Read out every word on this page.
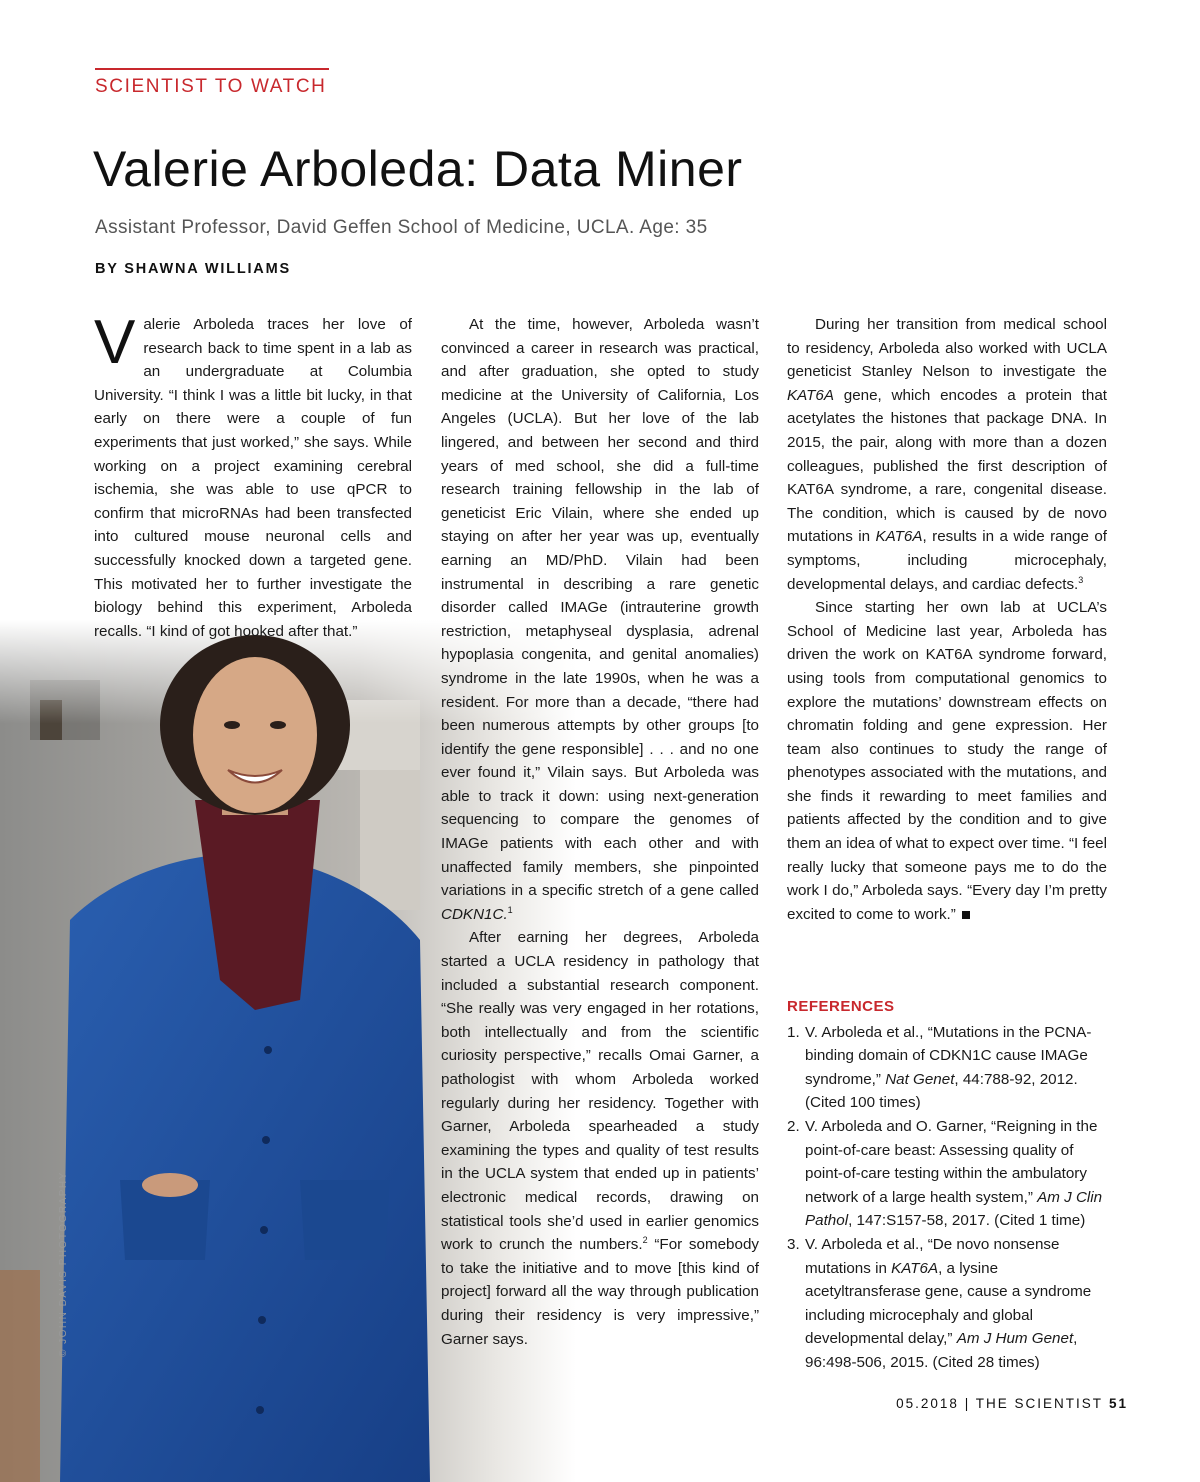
SCIENTIST TO WATCH
Valerie Arboleda: Data Miner
Assistant Professor, David Geffen School of Medicine, UCLA. Age: 35
BY SHAWNA WILLIAMS
© JOHN DAVIS PHOTOGRAPHY

Valerie Arboleda traces her love of research back to time spent in a lab as an undergraduate at Columbia University. “I think I was a little bit lucky, in that early on there were a couple of fun experiments that just worked,” she says. While working on a project examining cerebral ischemia, she was able to use qPCR to confirm that microRNAs had been transfected into cultured mouse neuronal cells and successfully knocked down a targeted gene. This motivated her to further investigate the biology behind this experiment, Arboleda recalls. “I kind of got hooked after that.”

At the time, however, Arboleda wasn’t convinced a career in research was practical, and after graduation, she opted to study medicine at the University of California, Los Angeles (UCLA). But her love of the lab lingered, and between her second and third years of med school, she did a full-time research training fellowship in the lab of geneticist Eric Vilain, where she ended up staying on after her year was up, eventually earning an MD/PhD. Vilain had been instrumental in describing a rare genetic disorder called IMAGe (intrauterine growth restriction, metaphyseal dysplasia, adrenal hypoplasia congenita, and genital anomalies) syndrome in the late 1990s, when he was a resident. For more than a decade, “there had been numerous attempts by other groups [to identify the gene responsible] . . . and no one ever found it,” Vilain says. But Arboleda was able to track it down: using next-generation sequencing to compare the genomes of IMAGe patients with each other and with unaffected family members, she pinpointed variations in a specific stretch of a gene called CDKN1C.$^1$

After earning her degrees, Arboleda started a UCLA residency in pathology that included a substantial research component. “She really was very engaged in her rotations, both intellectually and from the scientific curiosity perspective,” recalls Omai Garner, a pathologist with whom Arboleda worked regularly during her residency. Together with Garner, Arboleda spearheaded a study examining the types and quality of test results in the UCLA system that ended up in patients’ electronic medical records, drawing on statistical tools she’d used in earlier genomics work to crunch the numbers.$^2$ “For somebody to take the initiative and to move [this kind of project] forward all the way through publication during their residency is very impressive,” Garner says.

During her transition from medical school to residency, Arboleda also worked with UCLA geneticist Stanley Nelson to investigate the KAT6A gene, which encodes a protein that acetylates the histones that package DNA. In 2015, the pair, along with more than a dozen colleagues, published the first description of KAT6A syndrome, a rare, congenital disease. The condition, which is caused by de novo mutations in KAT6A, results in a wide range of symptoms, including microcephaly, developmental delays, and cardiac defects.$^3$

Since starting her own lab at UCLA’s School of Medicine last year, Arboleda has driven the work on KAT6A syndrome forward, using tools from computational genomics to explore the mutations’ downstream effects on chromatin folding and gene expression. Her team also continues to study the range of phenotypes associated with the mutations, and she finds it rewarding to meet families and patients affected by the condition and to give them an idea of what to expect over time. “I feel really lucky that someone pays me to do the work I do,” Arboleda says. “Every day I’m pretty excited to come to work.”

REFERENCES
1. V. Arboleda et al., “Mutations in the PCNA-binding domain of CDKN1C cause IMAGe syndrome,” Nat Genet, 44:788-92, 2012. (Cited 100 times)
2. V. Arboleda and O. Garner, “Reigning in the point-of-care beast: Assessing quality of point-of-care testing within the ambulatory network of a large health system,” Am J Clin Pathol, 147:S157-58, 2017. (Cited 1 time)
3. V. Arboleda et al., “De novo nonsense mutations in KAT6A, a lysine acetyltransferase gene, cause a syndrome including microcephaly and global developmental delay,” Am J Hum Genet, 96:498-506, 2015. (Cited 28 times)
05.2018 | THE SCIENTIST 51
